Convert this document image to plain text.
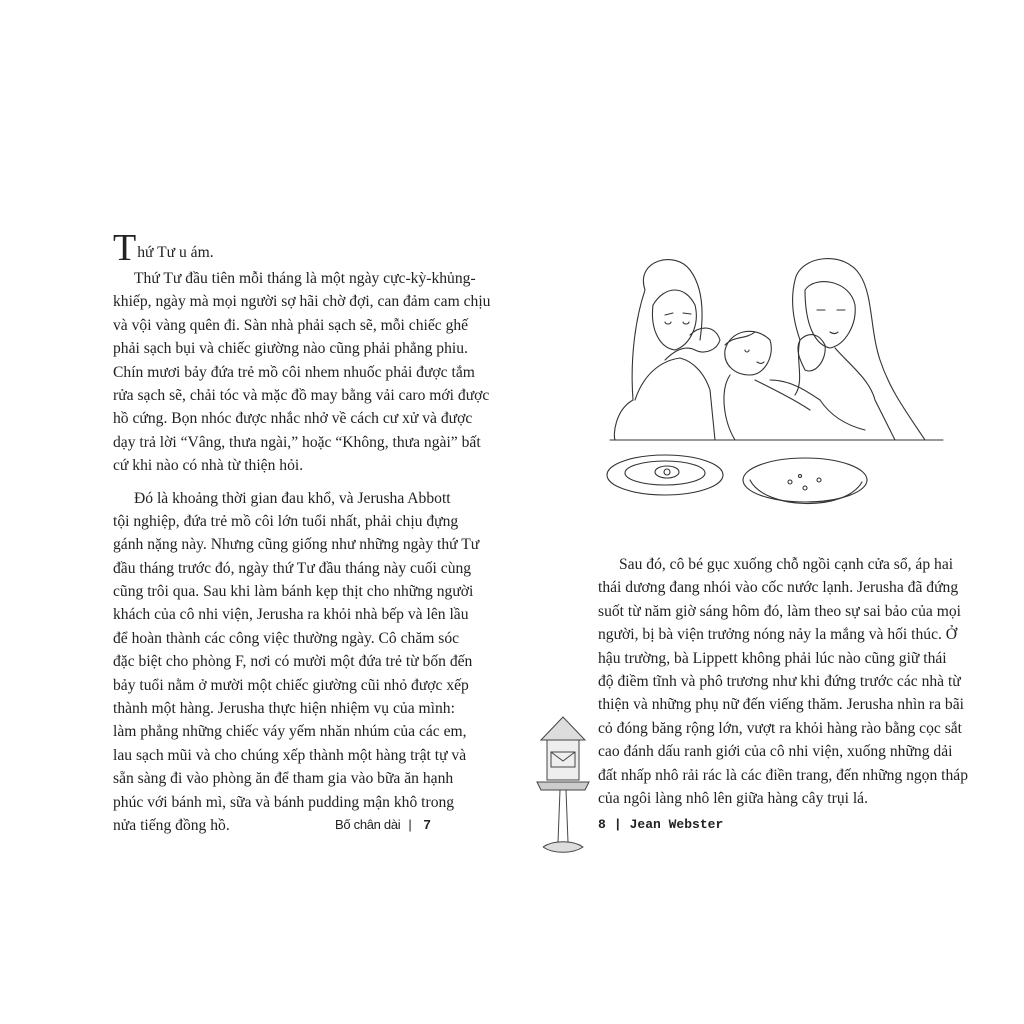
Thứ Tư u ám.
Thứ Tư đầu tiên mỗi tháng là một ngày cực-kỳ-khủng-
khiếp, ngày mà mọi người sợ hãi chờ đợi, can đảm cam chịu
và vội vàng quên đi. Sàn nhà phải sạch sẽ, mỗi chiếc ghế
phải sạch bụi và chiếc giường nào cũng phải phẳng phiu.
Chín mươi bảy đứa trẻ mồ côi nhem nhuốc phải được tắm
rửa sạch sẽ, chải tóc và mặc đồ may bằng vải caro mới được
hồ cứng. Bọn nhóc được nhắc nhở về cách cư xử và được
dạy trả lời “Vâng, thưa ngài,” hoặc “Không, thưa ngài” bất
cứ khi nào có nhà từ thiện hỏi.
Đó là khoảng thời gian đau khổ, và Jerusha Abbott
tội nghiệp, đứa trẻ mồ côi lớn tuổi nhất, phải chịu đựng
gánh nặng này. Nhưng cũng giống như những ngày thứ Tư
đầu tháng trước đó, ngày thứ Tư đầu tháng này cuối cùng
cũng trôi qua. Sau khi làm bánh kẹp thịt cho những người
khách của cô nhi viện, Jerusha ra khỏi nhà bếp và lên lầu
để hoàn thành các công việc thường ngày. Cô chăm sóc
đặc biệt cho phòng F, nơi có mười một đứa trẻ từ bốn đến
bảy tuổi nằm ở mười một chiếc giường cũi nhỏ được xếp
thành một hàng. Jerusha thực hiện nhiệm vụ của mình:
làm phẳng những chiếc váy yếm nhăn nhúm của các em,
lau sạch mũi và cho chúng xếp thành một hàng trật tự và
sẵn sàng đi vào phòng ăn để tham gia vào bữa ăn hạnh
phúc với bánh mì, sữa và bánh pudding mận khô trong
nửa tiếng đồng hồ.	Bố chân dài | 7
Sau đó, cô bé gục xuống chỗ ngồi cạnh cửa sổ, áp hai
thái dương đang nhói vào cốc nước lạnh. Jerusha đã đứng
suốt từ năm giờ sáng hôm đó, làm theo sự sai bảo của mọi
người, bị bà viện trưởng nóng nảy la mắng và hối thúc. Ở
hậu trường, bà Lippett không phải lúc nào cũng giữ thái
độ điềm tĩnh và phô trương như khi đứng trước các nhà từ
thiện và những phụ nữ đến viếng thăm. Jerusha nhìn ra bãi
cỏ đóng băng rộng lớn, vượt ra khỏi hàng rào bằng cọc sắt
cao đánh dấu ranh giới của cô nhi viện, xuống những dải
đất nhấp nhô rải rác là các điền trang, đến những ngọn tháp
của ngôi làng nhô lên giữa hàng cây trụi lá.
8 | Jean Webster
